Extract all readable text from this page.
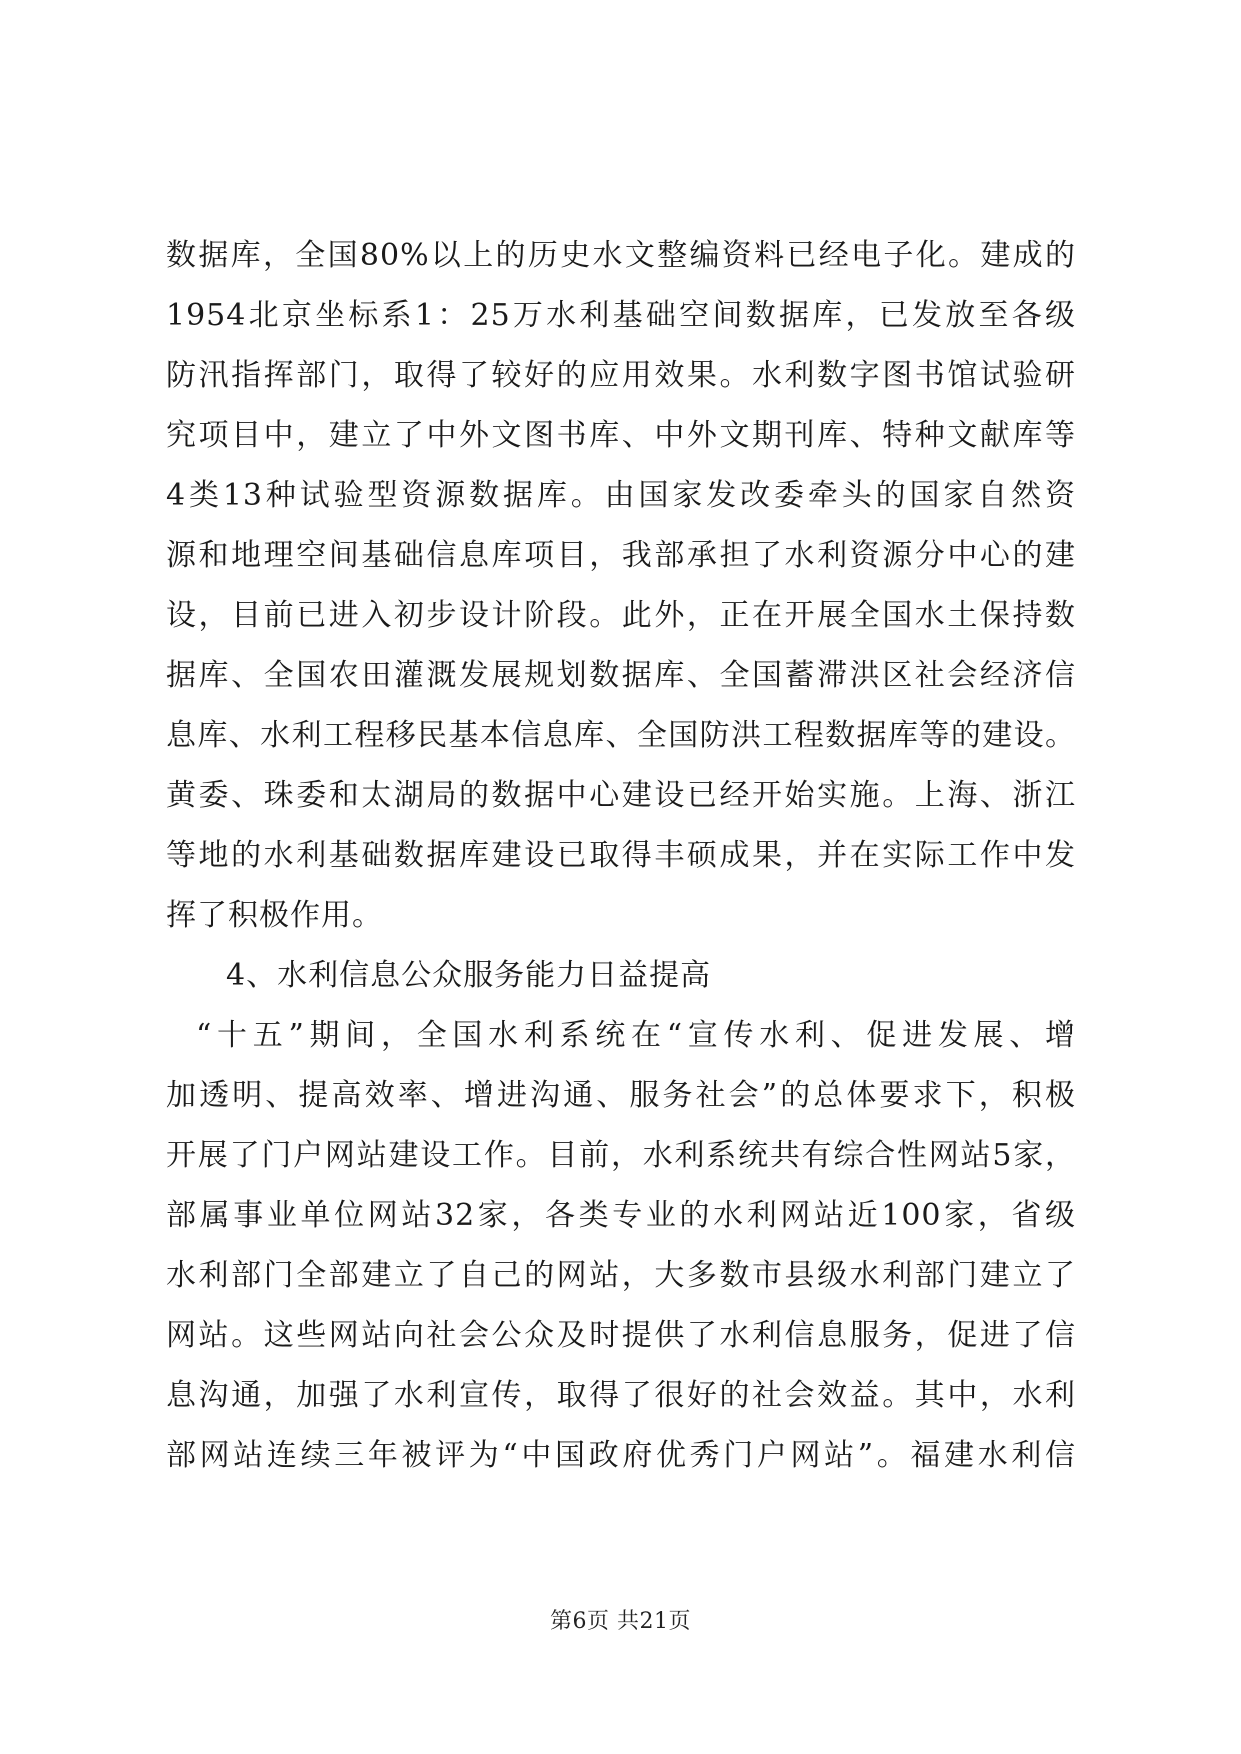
数据库，全国80%以上的历史水文整编资料已经电子化。建成的
1954北京坐标系1：25万水利基础空间数据库，已发放至各级
防汛指挥部门，取得了较好的应用效果。水利数字图书馆试验研
究项目中，建立了中外文图书库、中外文期刊库、特种文献库等
4类13种试验型资源数据库。由国家发改委牵头的国家自然资
源和地理空间基础信息库项目，我部承担了水利资源分中心的建
设，目前已进入初步设计阶段。此外，正在开展全国水土保持数
据库、全国农田灌溉发展规划数据库、全国蓄滞洪区社会经济信
息库、水利工程移民基本信息库、全国防洪工程数据库等的建设。
黄委、珠委和太湖局的数据中心建设已经开始实施。上海、浙江
等地的水利基础数据库建设已取得丰硕成果，并在实际工作中发
挥了积极作用。
4、水利信息公众服务能力日益提高
“十五”期间，全国水利系统在“宣传水利、促进发展、增
加透明、提高效率、增进沟通、服务社会”的总体要求下，积极
开展了门户网站建设工作。目前，水利系统共有综合性网站5家，
部属事业单位网站32家，各类专业的水利网站近100家，省级
水利部门全部建立了自己的网站，大多数市县级水利部门建立了
网站。这些网站向社会公众及时提供了水利信息服务，促进了信
息沟通，加强了水利宣传，取得了很好的社会效益。其中，水利
部网站连续三年被评为“中国政府优秀门户网站”。福建水利信
第6页 共21页
